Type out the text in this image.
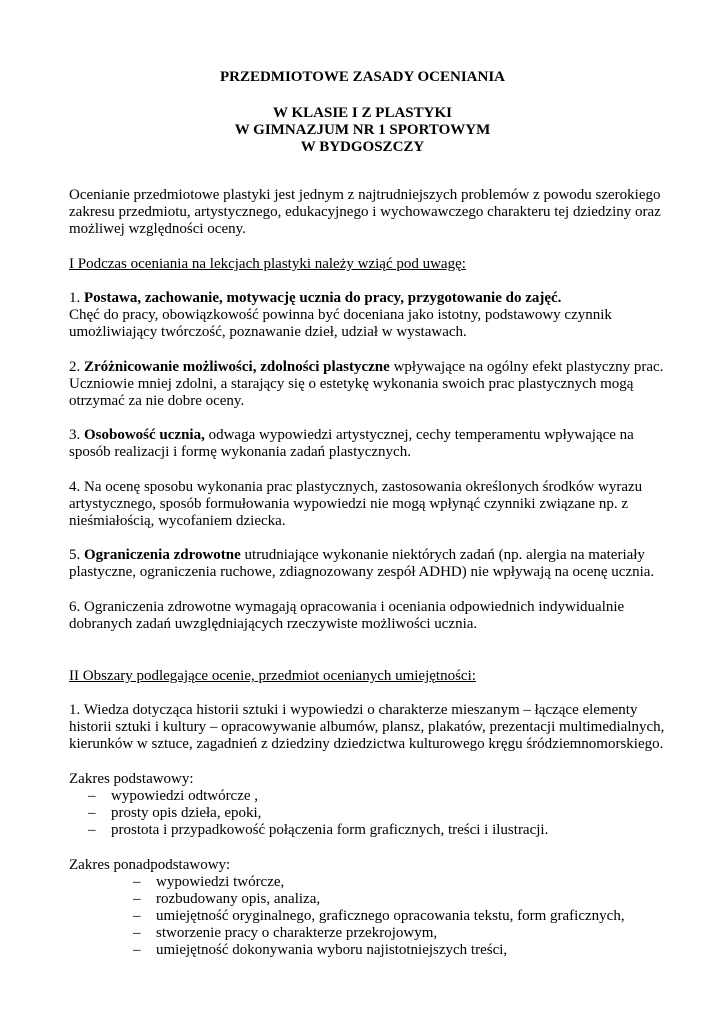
PRZEDMIOTOWE ZASADY OCENIANIA
W KLASIE I Z PLASTYKI
W GIMNAZJUM NR 1 SPORTOWYM
W BYDGOSZCZY
Ocenianie przedmiotowe plastyki jest jednym z najtrudniejszych problemów z powodu szerokiego
zakresu przedmiotu, artystycznego, edukacyjnego i wychowawczego charakteru tej dziedziny oraz
możliwej względności oceny.
I Podczas oceniania na lekcjach plastyki należy wziąć pod uwagę:
1. Postawa, zachowanie, motywację ucznia do pracy, przygotowanie do zajęć.
Chęć do pracy, obowiązkowość powinna być doceniana jako istotny, podstawowy czynnik
umożliwiający twórczość, poznawanie dzieł, udział w wystawach.
2. Zróżnicowanie możliwości, zdolności plastyczne wpływające na ogólny efekt plastyczny prac.
Uczniowie mniej zdolni, a starający się o estetykę wykonania swoich prac plastycznych mogą
otrzymać za nie dobre oceny.
3. Osobowość ucznia, odwaga wypowiedzi artystycznej, cechy temperamentu wpływające na
sposób realizacji i formę wykonania zadań plastycznych.
4. Na ocenę sposobu wykonania prac plastycznych, zastosowania określonych środków wyrazu
artystycznego, sposób formułowania wypowiedzi nie mogą wpłynąć czynniki związane np. z
nieśmiałością, wycofaniem dziecka.
5. Ograniczenia zdrowotne utrudniające wykonanie niektórych zadań (np. alergia na materiały
plastyczne, ograniczenia ruchowe, zdiagnozowany zespół ADHD) nie wpływają na ocenę ucznia.
6. Ograniczenia zdrowotne wymagają opracowania i oceniania odpowiednich indywidualnie
dobranych zadań uwzględniających rzeczywiste możliwości ucznia.
II Obszary podlegające ocenie, przedmiot ocenianych umiejętności:
1. Wiedza dotycząca historii sztuki i wypowiedzi o charakterze mieszanym – łączące elementy
historii sztuki i kultury – opracowywanie albumów, plansz, plakatów, prezentacji multimedialnych,
kierunków w sztuce, zagadnień z dziedziny dziedzictwa kulturowego kręgu śródziemnomorskiego.
Zakres podstawowy:
– wypowiedzi odtwórcze ,
– prosty opis dzieła, epoki,
– prostota i przypadkowość połączenia form graficznych, treści i ilustracji.
Zakres ponadpodstawowy:
– wypowiedzi twórcze,
– rozbudowany opis, analiza,
– umiejętność oryginalnego, graficznego opracowania tekstu, form graficznych,
– stworzenie pracy o charakterze przekrojowym,
– umiejętność dokonywania wyboru najistotniejszych treści,
